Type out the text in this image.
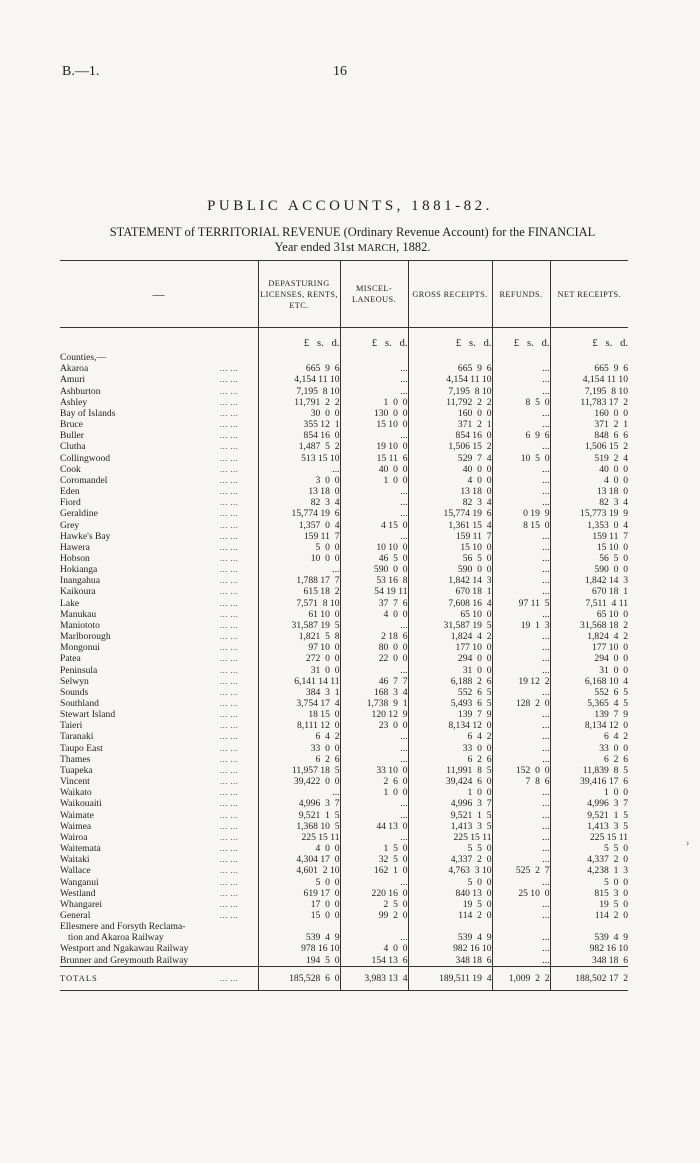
B.—1.	16
PUBLIC ACCOUNTS, 1881-82.
STATEMENT of TERRITORIAL REVENUE (Ordinary Revenue Account) for the FINANCIAL
Year ended 31st MARCH, 1882.
—		DEPASTURING LICENSES, RENTS, ETC.	MISCEL-LANEOUS.	GROSS RECEIPTS.	REFUNDS.	NET RECEIPTS.
		£   s.   d.	£   s.   d.	£   s.   d.	£   s.   d.	£   s.   d.
Counties,—						
Akaroa	... ...	665  9  6	...	665  9  6	...	665  9  6
Amuri	... ...	4,154 11 10	...	4,154 11 10	...	4,154 11 10
Ashburton	... ...	7,195  8 10	...	7,195  8 10	...	7,195  8 10
Ashley	... ...	11,791  2  2	1  0  0	11,792  2  2	8  5  0	11,783 17  2
Bay of Islands	... ...	30  0  0	130  0  0	160  0  0	...	160  0  0
Bruce	... ...	355 12  1	15 10  0	371  2  1	...	371  2  1
Buller	... ...	854 16  0	...	854 16  0	6  9  6	848  6  6
Clutha	... ...	1,487  5  2	19 10  0	1,506 15  2	...	1,506 15  2
Collingwood	... ...	513 15 10	15 11  6	529  7  4	10  5  0	519  2  4
Cook	... ...	...	40  0  0	40  0  0	...	40  0  0
Coromandel	... ...	3  0  0	1  0  0	4  0  0	...	4  0  0
Eden	... ...	13 18  0	...	13 18  0	...	13 18  0
Fiord	... ...	82  3  4	...	82  3  4	...	82  3  4
Geraldine	... ...	15,774 19  6	...	15,774 19  6	0 19  9	15,773 19  9
Grey	... ...	1,357  0  4	4 15  0	1,361 15  4	8 15  0	1,353  0  4
Hawke's Bay	... ...	159 11  7	...	159 11  7	...	159 11  7
Hawera	... ...	5  0  0	10 10  0	15 10  0	...	15 10  0
Hobson	... ...	10  0  0	46  5  0	56  5  0	...	56  5  0
Hokianga	... ...	...	590  0  0	590  0  0	...	590  0  0
Inangahua	... ...	1,788 17  7	53 16  8	1,842 14  3	...	1,842 14  3
Kaikoura	... ...	615 18  2	54 19 11	670 18  1	...	670 18  1
Lake	... ...	7,571  8 10	37  7  6	7,608 16  4	97 11  5	7,511  4 11
Manukau	... ...	61 10  0	4  0  0	65 10  0	...	65 10  0
Maniototo	... ...	31,587 19  5	...	31,587 19  5	19  1  3	31,568 18  2
Marlborough	... ...	1,821  5  8	2 18  6	1,824  4  2	...	1,824  4  2
Mongonui	... ...	97 10  0	80  0  0	177 10  0	...	177 10  0
Patea	... ...	272  0  0	22  0  0	294  0  0	...	294  0  0
Peninsula	... ...	31  0  0	...	31  0  0	...	31  0  0
Selwyn	... ...	6,141 14 11	46  7  7	6,188  2  6	19 12  2	6,168 10  4
Sounds	... ...	384  3  1	168  3  4	552  6  5	...	552  6  5
Southland	... ...	3,754 17  4	1,738  9  1	5,493  6  5	128  2  0	5,365  4  5
Stewart Island	... ...	18 15  0	120 12  9	139  7  9	...	139  7  9
Taieri	... ...	8,111 12  0	23  0  0	8,134 12  0	...	8,134 12  0
Taranaki	... ...	6  4  2	...	6  4  2	...	6  4  2
Taupo East	... ...	33  0  0	...	33  0  0	...	33  0  0
Thames	... ...	6  2  6	...	6  2  6	...	6  2  6
Tuapeka	... ...	11,957 18  5	33 10  0	11,991  8  5	152  0  0	11,839  8  5
Vincent	... ...	39,422  0  0	2  6  0	39,424  6  0	7  8  6	39,416 17  6
Waikato	... ...	...	1  0  0	1  0  0	...	1  0  0
Waikouaiti	... ...	4,996  3  7	...	4,996  3  7	...	4,996  3  7
Waimate	... ...	9,521  1  5	...	9,521  1  5	...	9,521  1  5
Waimea	... ...	1,368 10  5	44 13  0	1,413  3  5	...	1,413  3  5
Wairoa	... ...	225 15 11	...	225 15 11	...	225 15 11
Waitemata	... ...	4  0  0	1  5  0	5  5  0	...	5  5  0
Waitaki	... ...	4,304 17  0	32  5  0	4,337  2  0	...	4,337  2  0
Wallace	... ...	4,601  2 10	162  1  0	4,763  3 10	525  2  7	4,238  1  3
Wanganui	... ...	5  0  0	...	5  0  0	...	5  0  0
Westland	... ...	619 17  0	220 16  0	840 13  0	25 10  0	815  3  0
Whangarei	... ...	17  0  0	2  5  0	19  5  0	...	19  5  0
General	... ...	15  0  0	99  2  0	114  2  0	...	114  2  0
Ellesmere and Forsyth Reclama-
tion and Akaroa Railway		539  4  9	...	539  4  9	...	539  4  9
Westport and Ngakawau Railway		978 16 10	4  0  0	982 16 10	...	982 16 10
Brunner and Greymouth Railway		194  5  0	154 13  6	348 18  6	...	348 18  6
TOTALS	... ...	185,528  6  0	3,983 13  4	189,511 19  4	1,009  2  2	188,502 17  2
›
